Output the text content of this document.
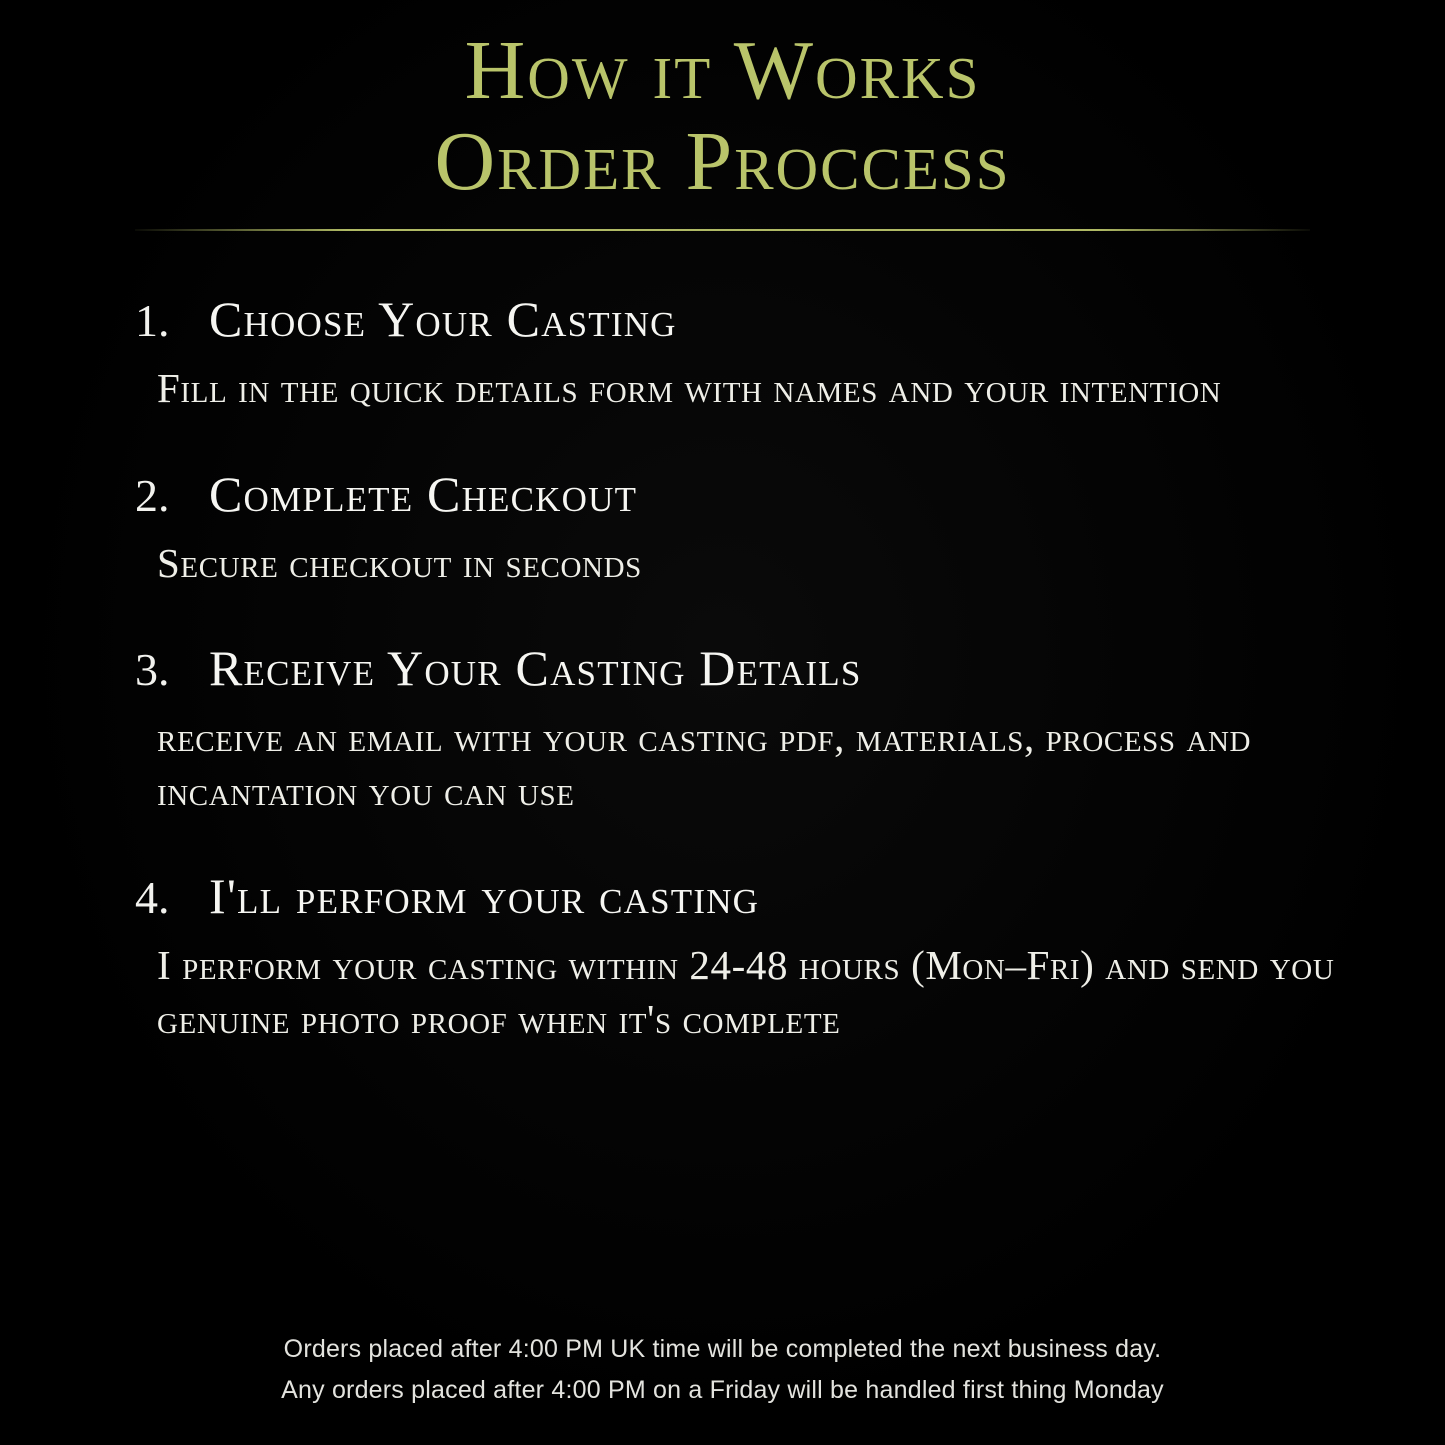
How it Works
Order Proccess
1. Choose Your Casting
Fill in the quick details form with names and your intention
2. Complete Checkout
Secure checkout in seconds
3. Receive Your Casting Details
receive an email with your casting pdf, materials, process and incantation you can use
4. I'll perform your casting
I perform your casting within 24-48 hours (Mon–Fri) and send you genuine photo proof when it's complete
Orders placed after 4:00 PM UK time will be completed the next business day.
Any orders placed after 4:00 PM on a Friday will be handled first thing Monday
